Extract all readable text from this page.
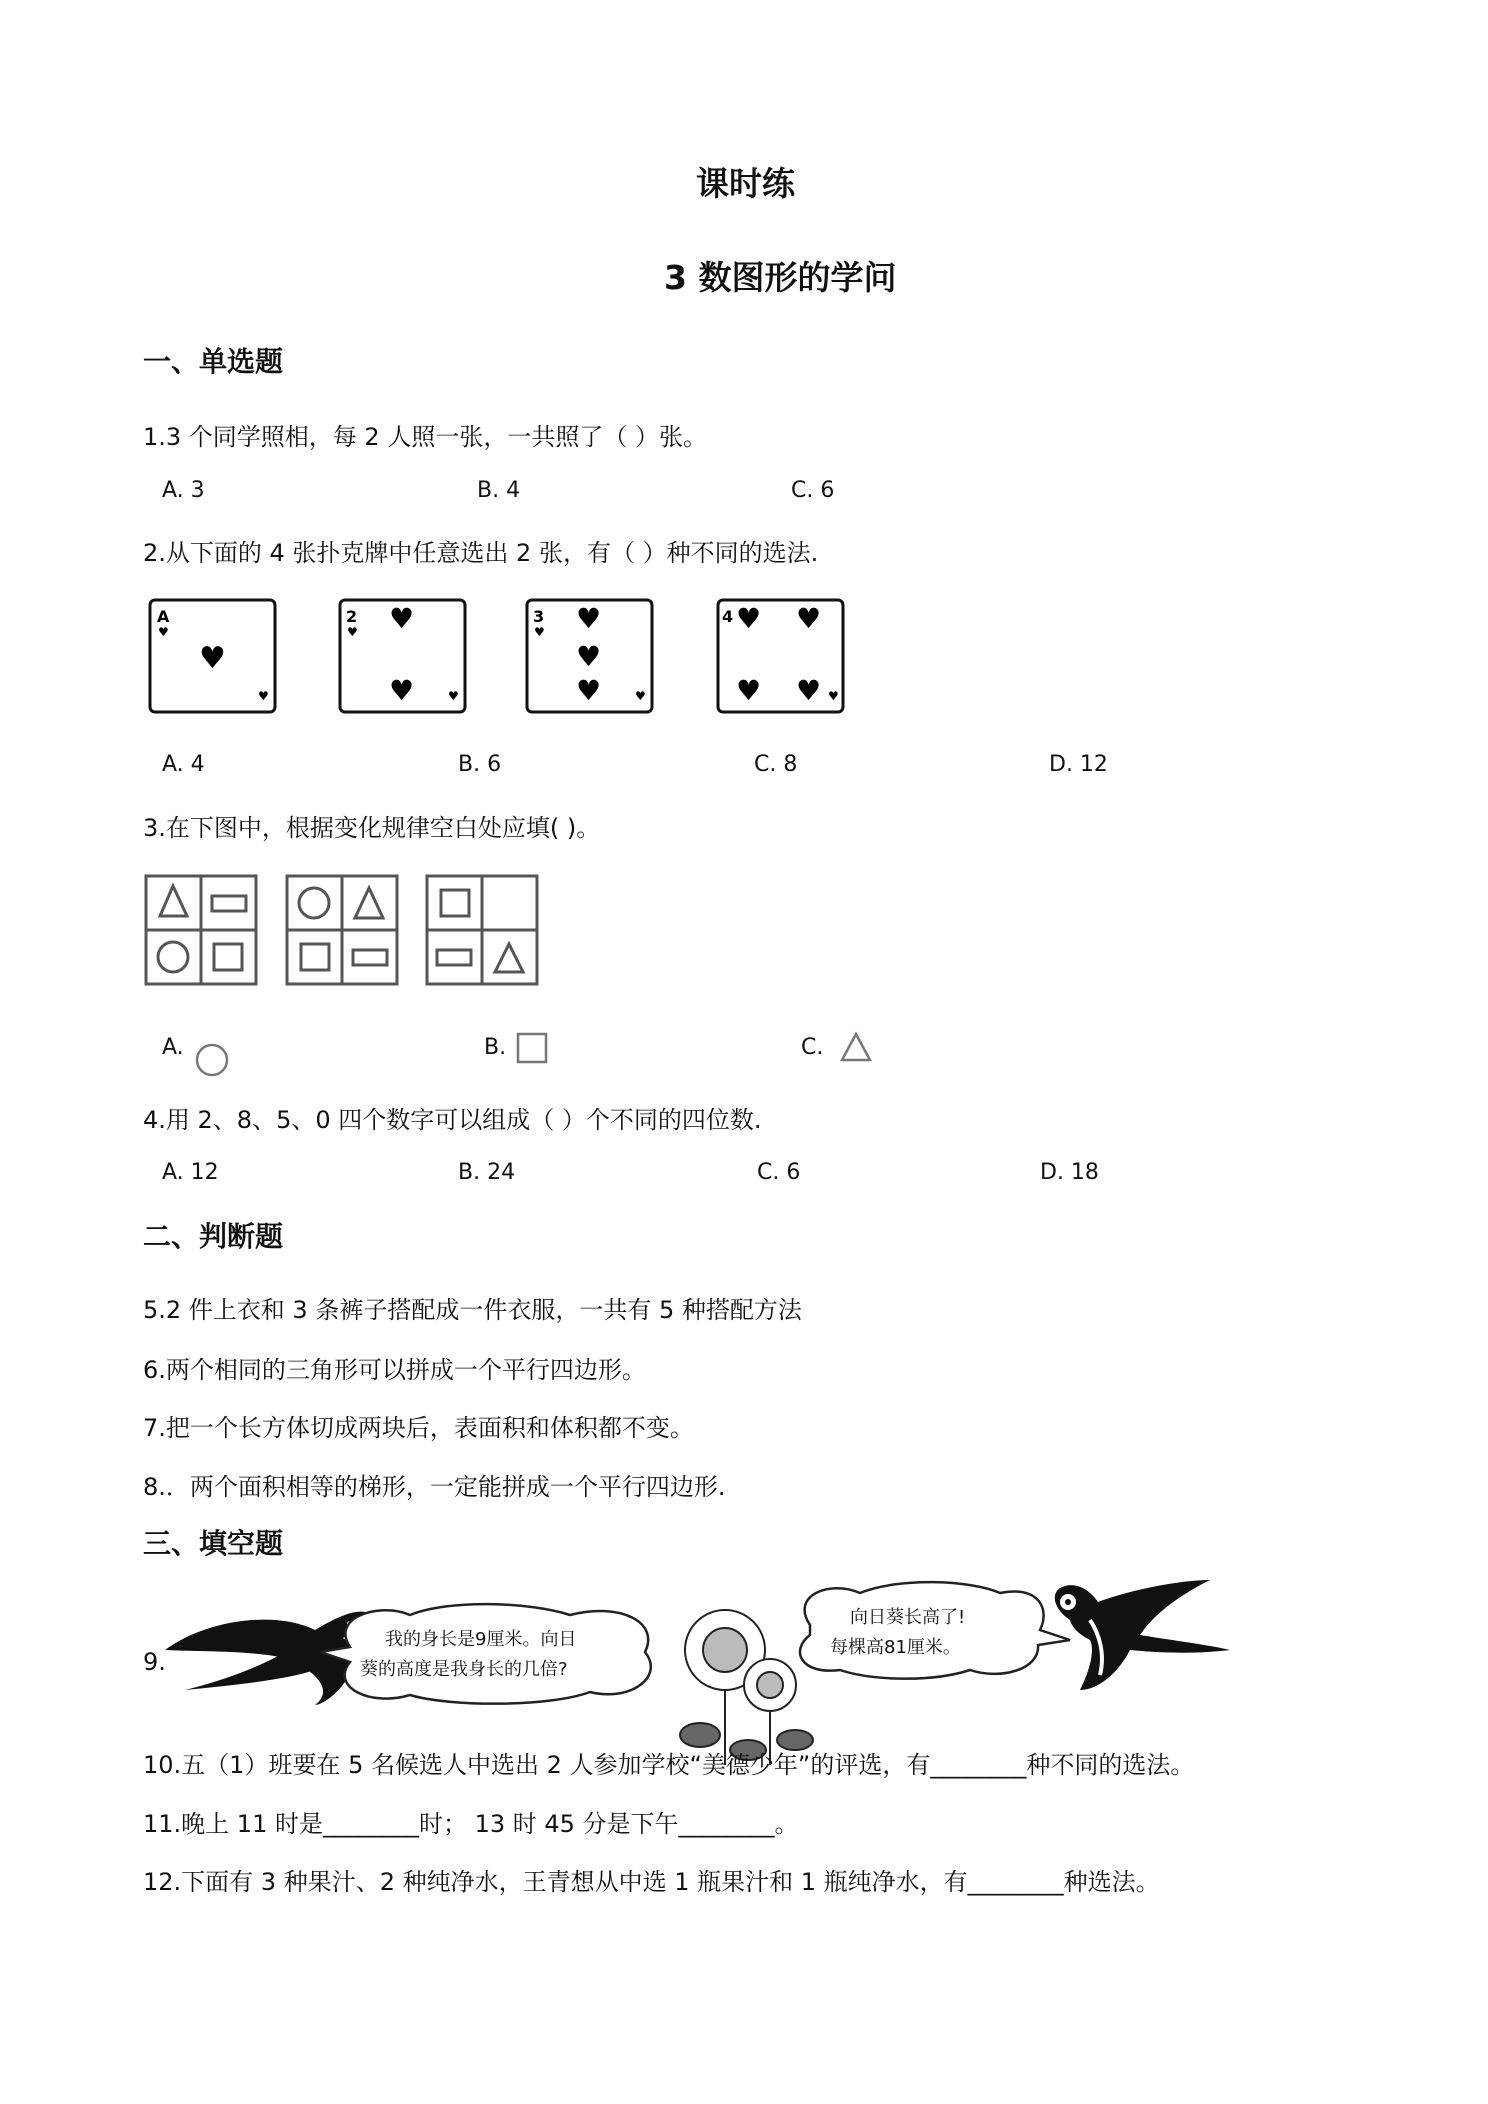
课时练
3 数图形的学问
一、单选题
1.3 个同学照相，每 2 人照一张，一共照了（ ）张。
A. 3	B. 4	C. 6
2.从下面的 4 张扑克牌中任意选出 2 张，有（ ）种不同的选法.
A
♥
♥
♥
2
♥ ♥
♥	♥
3
♥ ♥
♥
♥	♥
4 ♥ ♥
♥ ♥ ♥
A. 4	B. 6	C. 8	D. 12
3.在下图中，根据变化规律空白处应填( )。
A.	B.	C.
4.用 2、8、5、0 四个数字可以组成（ ）个不同的四位数.
A. 12	B. 24	C. 6	D. 18
二、判断题
5.2 件上衣和 3 条裤子搭配成一件衣服，一共有 5 种搭配方法
6.两个相同的三角形可以拼成一个平行四边形。
7.把一个长方体切成两块后，表面积和体积都不变。
8.．两个面积相等的梯形，一定能拼成一个平行四边形.
三、填空题
9.
我的身长是9厘米。向日
葵的高度是我身长的几倍?
向日葵长高了!
每棵高81厘米。
10.五（1）班要在 5 名候选人中选出 2 人参加学校“美德少年”的评选，有________种不同的选法。
11.晚上 11 时是________时； 13 时 45 分是下午________。
12.下面有 3 种果汁、2 种纯净水，王青想从中选 1 瓶果汁和 1 瓶纯净水，有________种选法。
